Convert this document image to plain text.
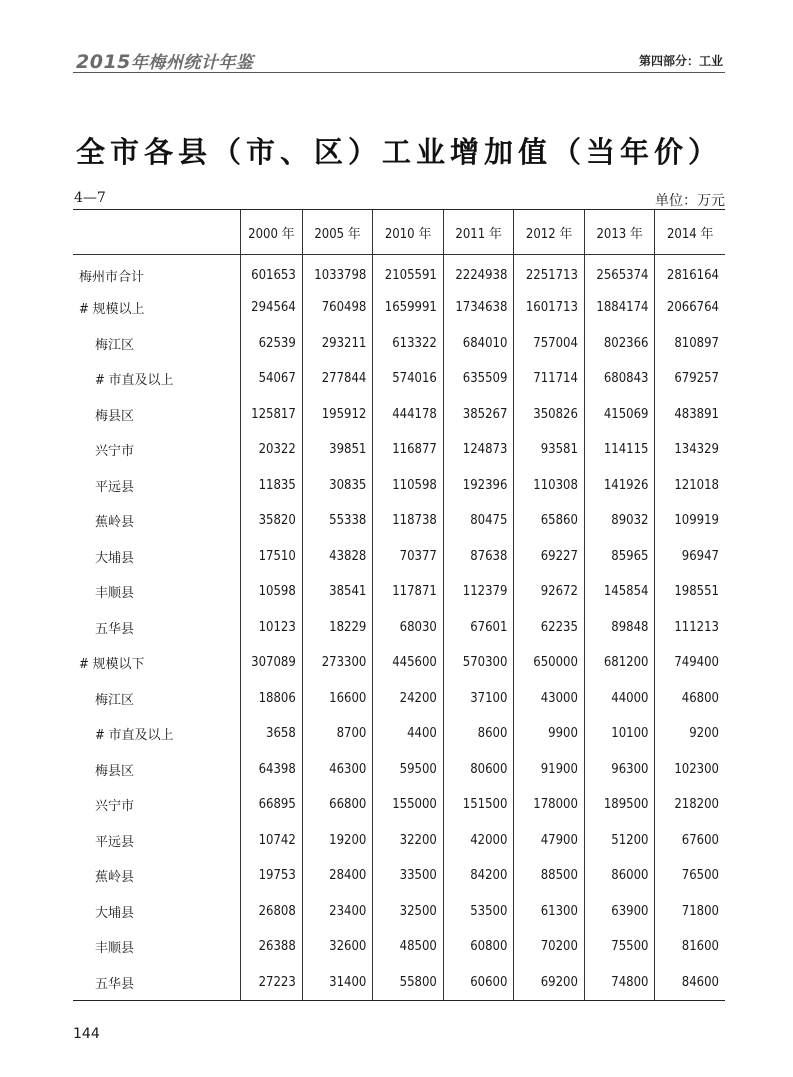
2015年梅州统计年鉴	第四部分：工业
全市各县（市、区）工业增加值（当年价）
4—7	单位：万元
	2000 年	2005 年	2010 年	2011 年	2012 年	2013 年	2014 年
梅州市合计	601653	1033798	2105591	2224938	2251713	2565374	2816164
# 规模以上	294564	760498	1659991	1734638	1601713	1884174	2066764
梅江区	62539	293211	613322	684010	757004	802366	810897
# 市直及以上	54067	277844	574016	635509	711714	680843	679257
梅县区	125817	195912	444178	385267	350826	415069	483891
兴宁市	20322	39851	116877	124873	93581	114115	134329
平远县	11835	30835	110598	192396	110308	141926	121018
蕉岭县	35820	55338	118738	80475	65860	89032	109919
大埔县	17510	43828	70377	87638	69227	85965	96947
丰顺县	10598	38541	117871	112379	92672	145854	198551
五华县	10123	18229	68030	67601	62235	89848	111213
# 规模以下	307089	273300	445600	570300	650000	681200	749400
梅江区	18806	16600	24200	37100	43000	44000	46800
# 市直及以上	3658	8700	4400	8600	9900	10100	9200
梅县区	64398	46300	59500	80600	91900	96300	102300
兴宁市	66895	66800	155000	151500	178000	189500	218200
平远县	10742	19200	32200	42000	47900	51200	67600
蕉岭县	19753	28400	33500	84200	88500	86000	76500
大埔县	26808	23400	32500	53500	61300	63900	71800
丰顺县	26388	32600	48500	60800	70200	75500	81600
五华县	27223	31400	55800	60600	69200	74800	84600
144
